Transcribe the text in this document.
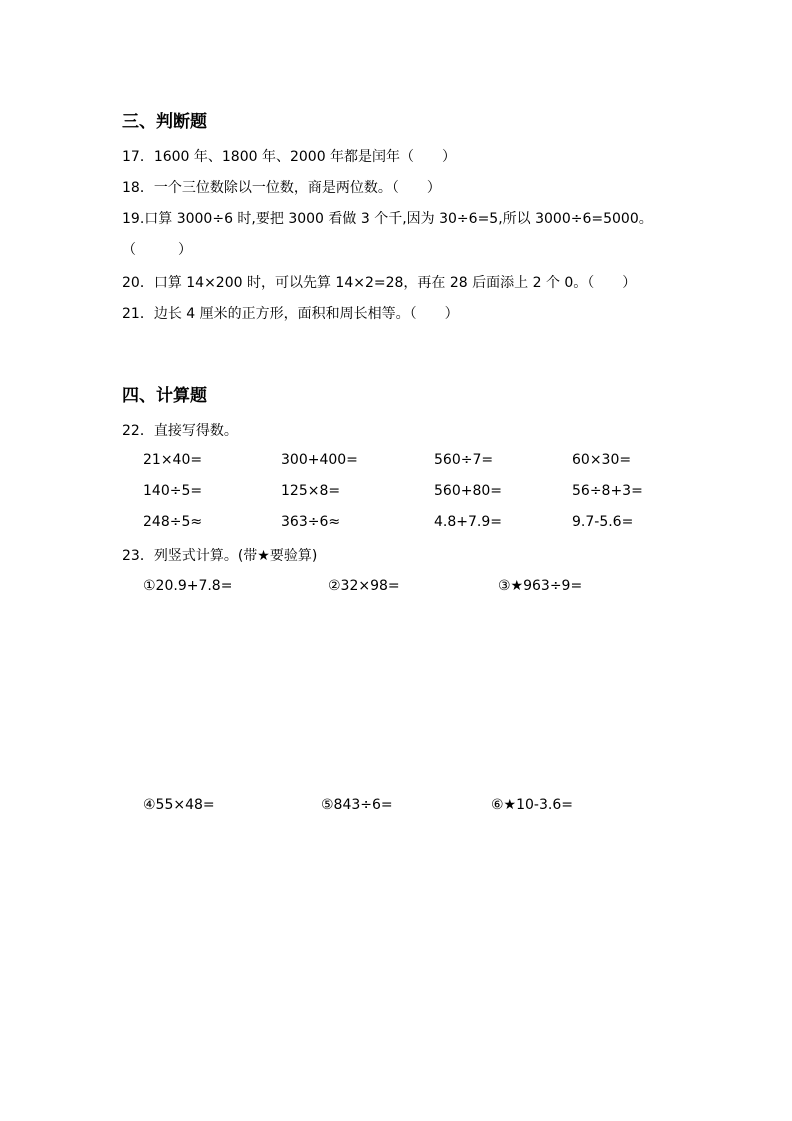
三、判断题
17．1600 年、1800 年、2000 年都是闰年（　　）
18．一个三位数除以一位数，商是两位数。（　　）
19.口算 3000÷6 时,要把 3000 看做 3 个千,因为 30÷6=5,所以 3000÷6=5000。
（　　　）
20．口算 14×200 时，可以先算 14×2=28，再在 28 后面添上 2 个 0。（　　）
21．边长 4 厘米的正方形，面积和周长相等。（　　）
四、计算题
22．直接写得数。
21×40=	300+400=	560÷7=	60×30=
140÷5=	125×8=	560+80=	56÷8+3=
248÷5≈	363÷6≈	4.8+7.9=	9.7-5.6=
23．列竖式计算。(带★要验算)
①20.9+7.8=	②32×98=	③★963÷9=
④55×48=	⑤843÷6=	⑥★10-3.6=
